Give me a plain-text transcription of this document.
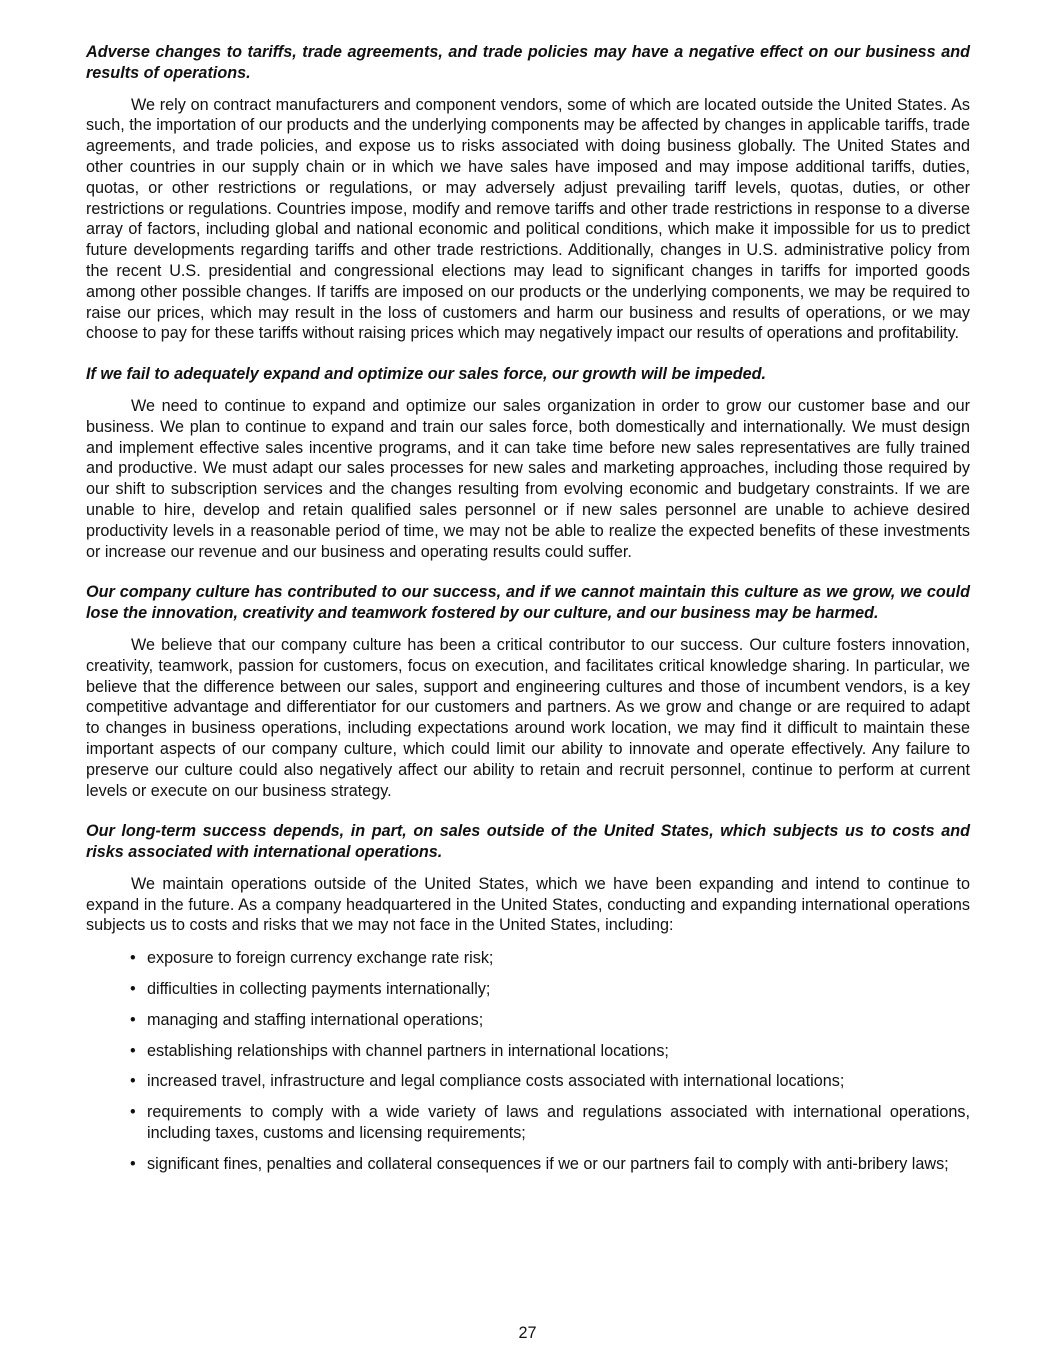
Adverse changes to tariffs, trade agreements, and trade policies may have a negative effect on our business and results of operations.

We rely on contract manufacturers and component vendors, some of which are located outside the United States. As such, the importation of our products and the underlying components may be affected by changes in applicable tariffs, trade agreements, and trade policies, and expose us to risks associated with doing business globally. The United States and other countries in our supply chain or in which we have sales have imposed and may impose additional tariffs, duties, quotas, or other restrictions or regulations, or may adversely adjust prevailing tariff levels, quotas, duties, or other restrictions or regulations. Countries impose, modify and remove tariffs and other trade restrictions in response to a diverse array of factors, including global and national economic and political conditions, which make it impossible for us to predict future developments regarding tariffs and other trade restrictions. Additionally, changes in U.S. administrative policy from the recent U.S. presidential and congressional elections may lead to significant changes in tariffs for imported goods among other possible changes. If tariffs are imposed on our products or the underlying components, we may be required to raise our prices, which may result in the loss of customers and harm our business and results of operations, or we may choose to pay for these tariffs without raising prices which may negatively impact our results of operations and profitability.

If we fail to adequately expand and optimize our sales force, our growth will be impeded.

We need to continue to expand and optimize our sales organization in order to grow our customer base and our business. We plan to continue to expand and train our sales force, both domestically and internationally. We must design and implement effective sales incentive programs, and it can take time before new sales representatives are fully trained and productive. We must adapt our sales processes for new sales and marketing approaches, including those required by our shift to subscription services and the changes resulting from evolving economic and budgetary constraints. If we are unable to hire, develop and retain qualified sales personnel or if new sales personnel are unable to achieve desired productivity levels in a reasonable period of time, we may not be able to realize the expected benefits of these investments or increase our revenue and our business and operating results could suffer.

Our company culture has contributed to our success, and if we cannot maintain this culture as we grow, we could lose the innovation, creativity and teamwork fostered by our culture, and our business may be harmed.

We believe that our company culture has been a critical contributor to our success. Our culture fosters innovation, creativity, teamwork, passion for customers, focus on execution, and facilitates critical knowledge sharing. In particular, we believe that the difference between our sales, support and engineering cultures and those of incumbent vendors, is a key competitive advantage and differentiator for our customers and partners. As we grow and change or are required to adapt to changes in business operations, including expectations around work location, we may find it difficult to maintain these important aspects of our company culture, which could limit our ability to innovate and operate effectively. Any failure to preserve our culture could also negatively affect our ability to retain and recruit personnel, continue to perform at current levels or execute on our business strategy.

Our long-term success depends, in part, on sales outside of the United States, which subjects us to costs and risks associated with international operations.

We maintain operations outside of the United States, which we have been expanding and intend to continue to expand in the future. As a company headquartered in the United States, conducting and expanding international operations subjects us to costs and risks that we may not face in the United States, including:

• exposure to foreign currency exchange rate risk;
• difficulties in collecting payments internationally;
• managing and staffing international operations;
• establishing relationships with channel partners in international locations;
• increased travel, infrastructure and legal compliance costs associated with international locations;
• requirements to comply with a wide variety of laws and regulations associated with international operations, including taxes, customs and licensing requirements;
• significant fines, penalties and collateral consequences if we or our partners fail to comply with anti-bribery laws;
27
